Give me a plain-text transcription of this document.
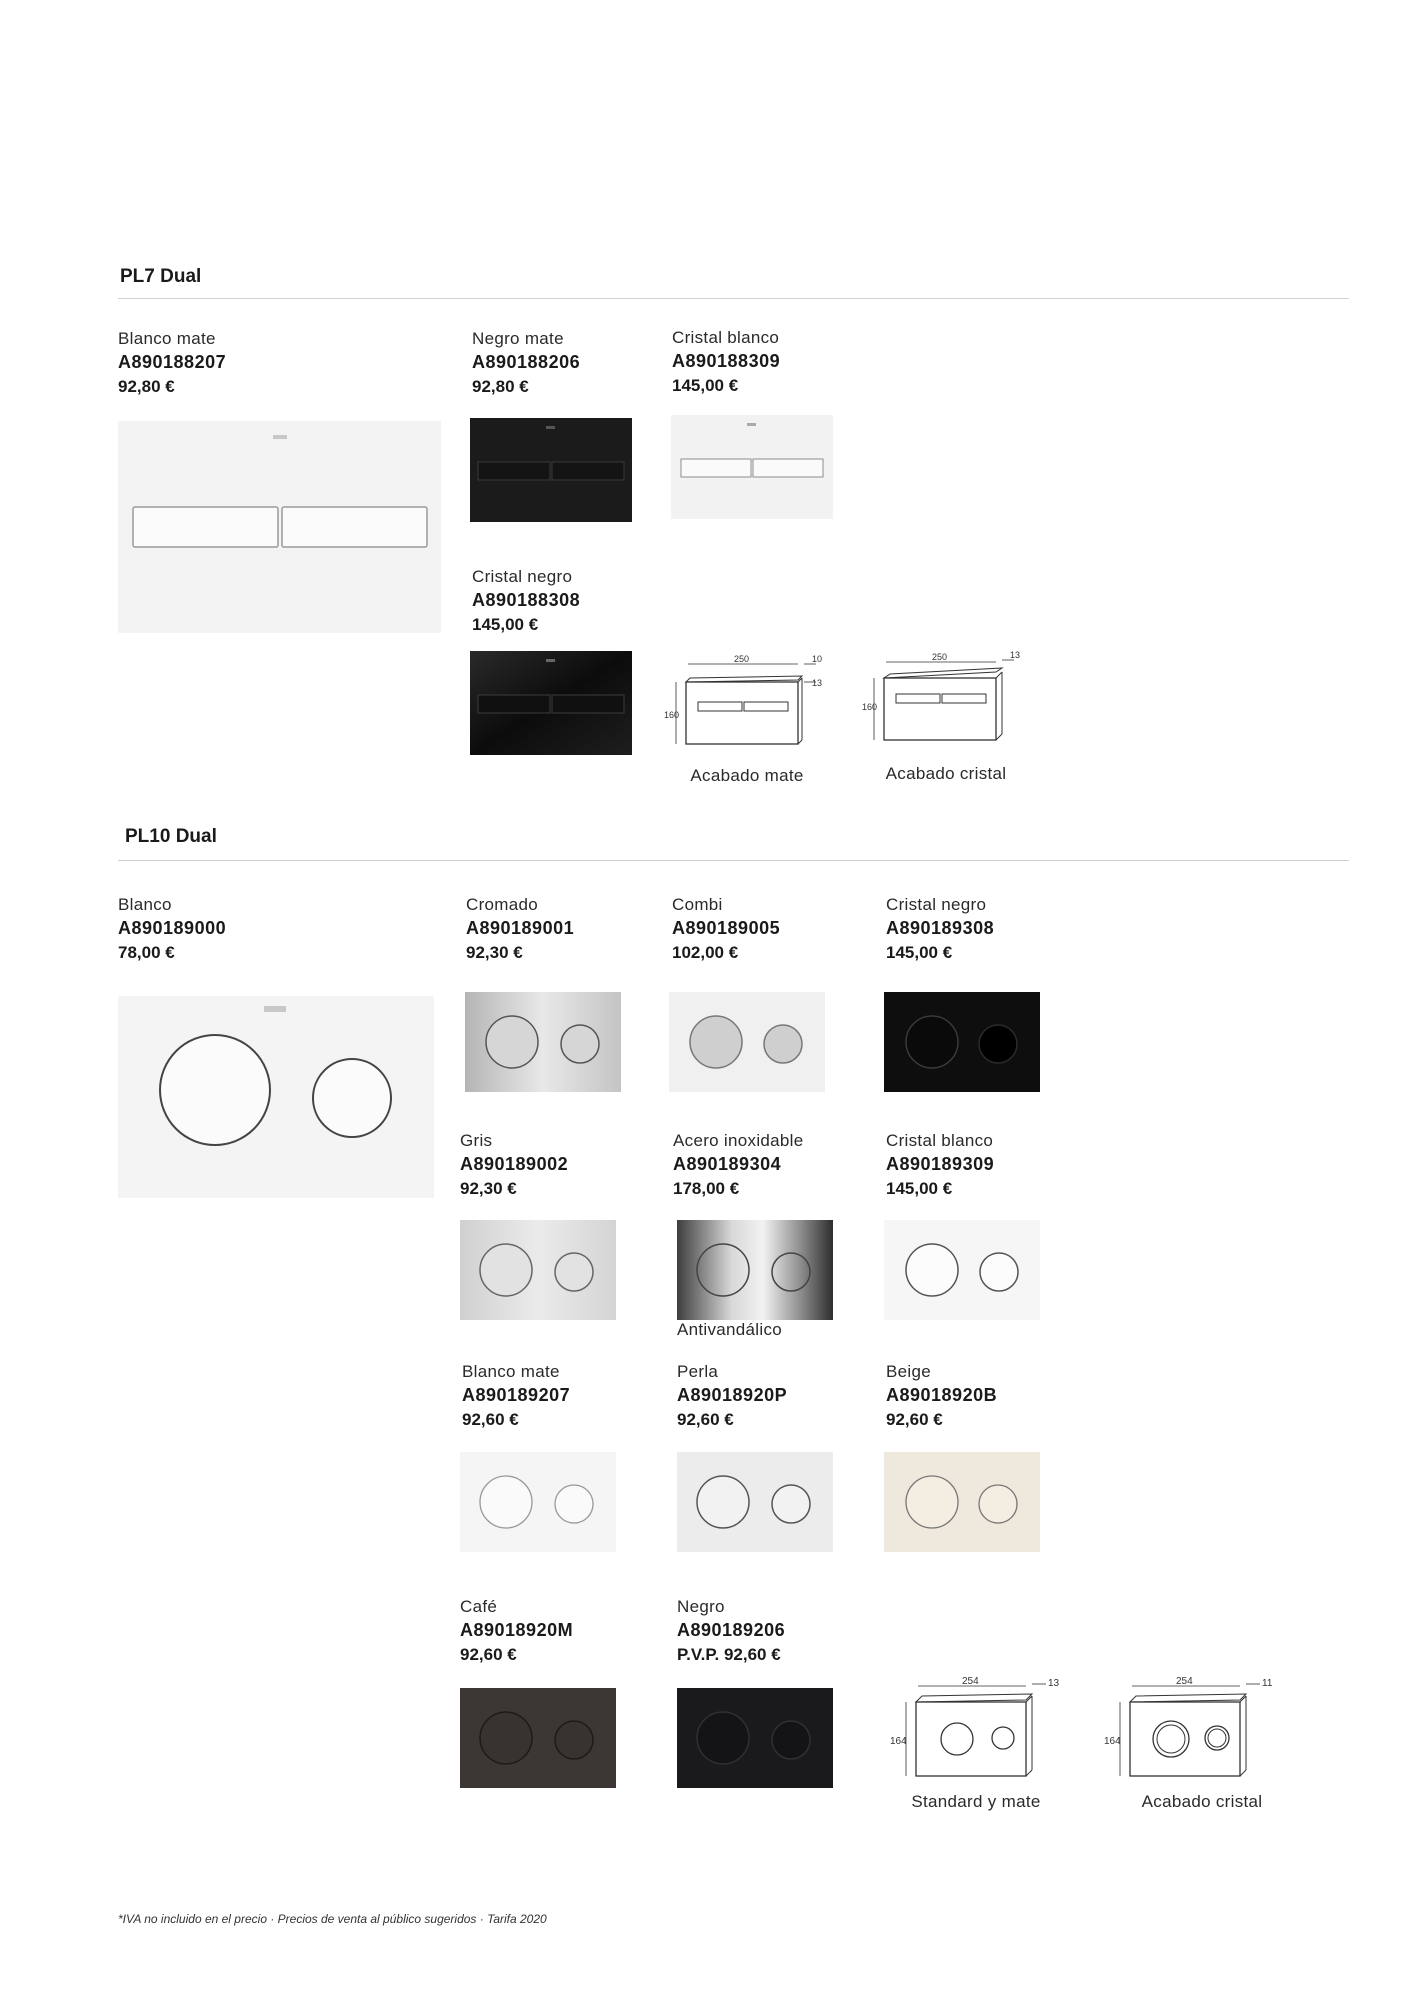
PL7 Dual
Blanco mate
A890188207
92,80 €
Negro mate
A890188206
92,80 €
Cristal blanco
A890188309
145,00 €
Cristal negro
A890188308
145,00 €
250
160
10
13
Acabado mate
250
160
13
Acabado cristal
PL10 Dual
Blanco
A890189000
78,00 €
Cromado
A890189001
92,30 €
Combi
A890189005
102,00 €
Cristal negro
A890189308
145,00 €
Gris
A890189002
92,30 €
Acero inoxidable
A890189304
178,00 €
Antivandálico
Cristal blanco
A890189309
145,00 €
Blanco mate
A890189207
92,60 €
Perla
A89018920P
92,60 €
Beige
A89018920B
92,60 €
Café
A89018920M
92,60 €
Negro
A890189206
P.V.P. 92,60 €
254
164
13
Standard y mate
254
164
11
Acabado cristal
*IVA no incluido en el precio · Precios de venta al público sugeridos · Tarifa 2020
